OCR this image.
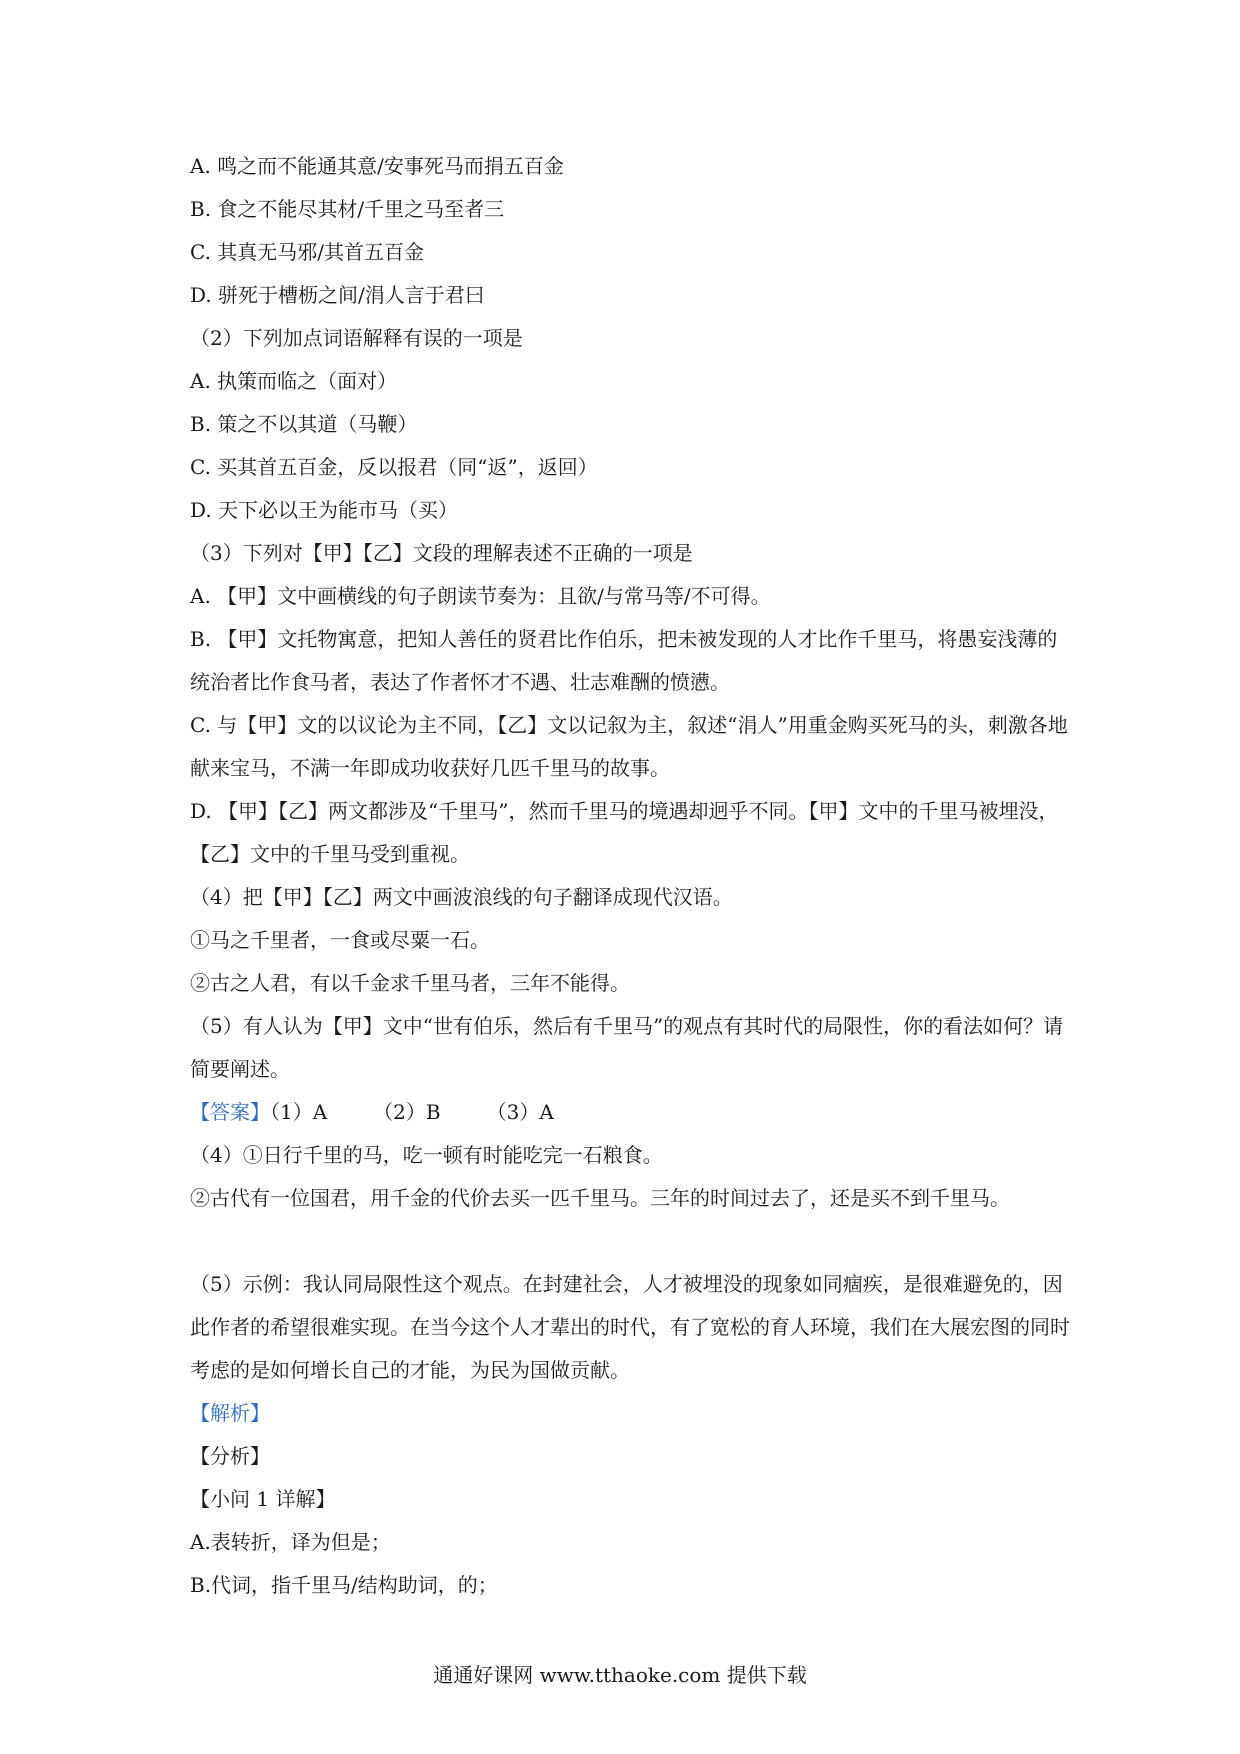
A. 鸣之而不能通其意/安事死马而捐五百金
B. 食之不能尽其材/千里之马至者三
C. 其真无马邪/其首五百金
D. 骈死于槽枥之间/涓人言于君曰
（2）下列加点词语解释有误的一项是
A. 执策而临之（面对）
B. 策之不以其道（马鞭）
C. 买其首五百金，反以报君（同“返”，返回）
D. 天下必以王为能市马（买）
（3）下列对【甲】【乙】文段的理解表述不正确的一项是
A. 【甲】文中画横线的句子朗读节奏为：且欲/与常马等/不可得。
B. 【甲】文托物寓意，把知人善任的贤君比作伯乐，把未被发现的人才比作千里马，将愚妄浅薄的统治者比作食马者，表达了作者怀才不遇、壮志难酬的愤懑。
C. 与【甲】文的以议论为主不同，【乙】文以记叙为主，叙述“涓人”用重金购买死马的头，刺激各地献来宝马，不满一年即成功收获好几匹千里马的故事。
D. 【甲】【乙】两文都涉及“千里马”，然而千里马的境遇却迥乎不同。【甲】文中的千里马被埋没，【乙】文中的千里马受到重视。
（4）把【甲】【乙】两文中画波浪线的句子翻译成现代汉语。
①马之千里者，一食或尽粟一石。
②古之人君，有以千金求千里马者，三年不能得。
（5）有人认为【甲】文中“世有伯乐，然后有千里马”的观点有其时代的局限性，你的看法如何？请简要阐述。
【答案】（1）A （2）B （3）A
（4）①日行千里的马，吃一顿有时能吃完一石粮食。
②古代有一位国君，用千金的代价去买一匹千里马。三年的时间过去了，还是买不到千里马。
（5）示例：我认同局限性这个观点。在封建社会，人才被埋没的现象如同痼疾，是很难避免的，因此作者的希望很难实现。在当今这个人才辈出的时代，有了宽松的育人环境，我们在大展宏图的同时考虑的是如何增长自己的才能，为民为国做贡献。
【解析】
【分析】
【小问 1 详解】
A.表转折，译为但是；
B.代词，指千里马/结构助词，的；
通通好课网 www.tthaoke.com 提供下载
